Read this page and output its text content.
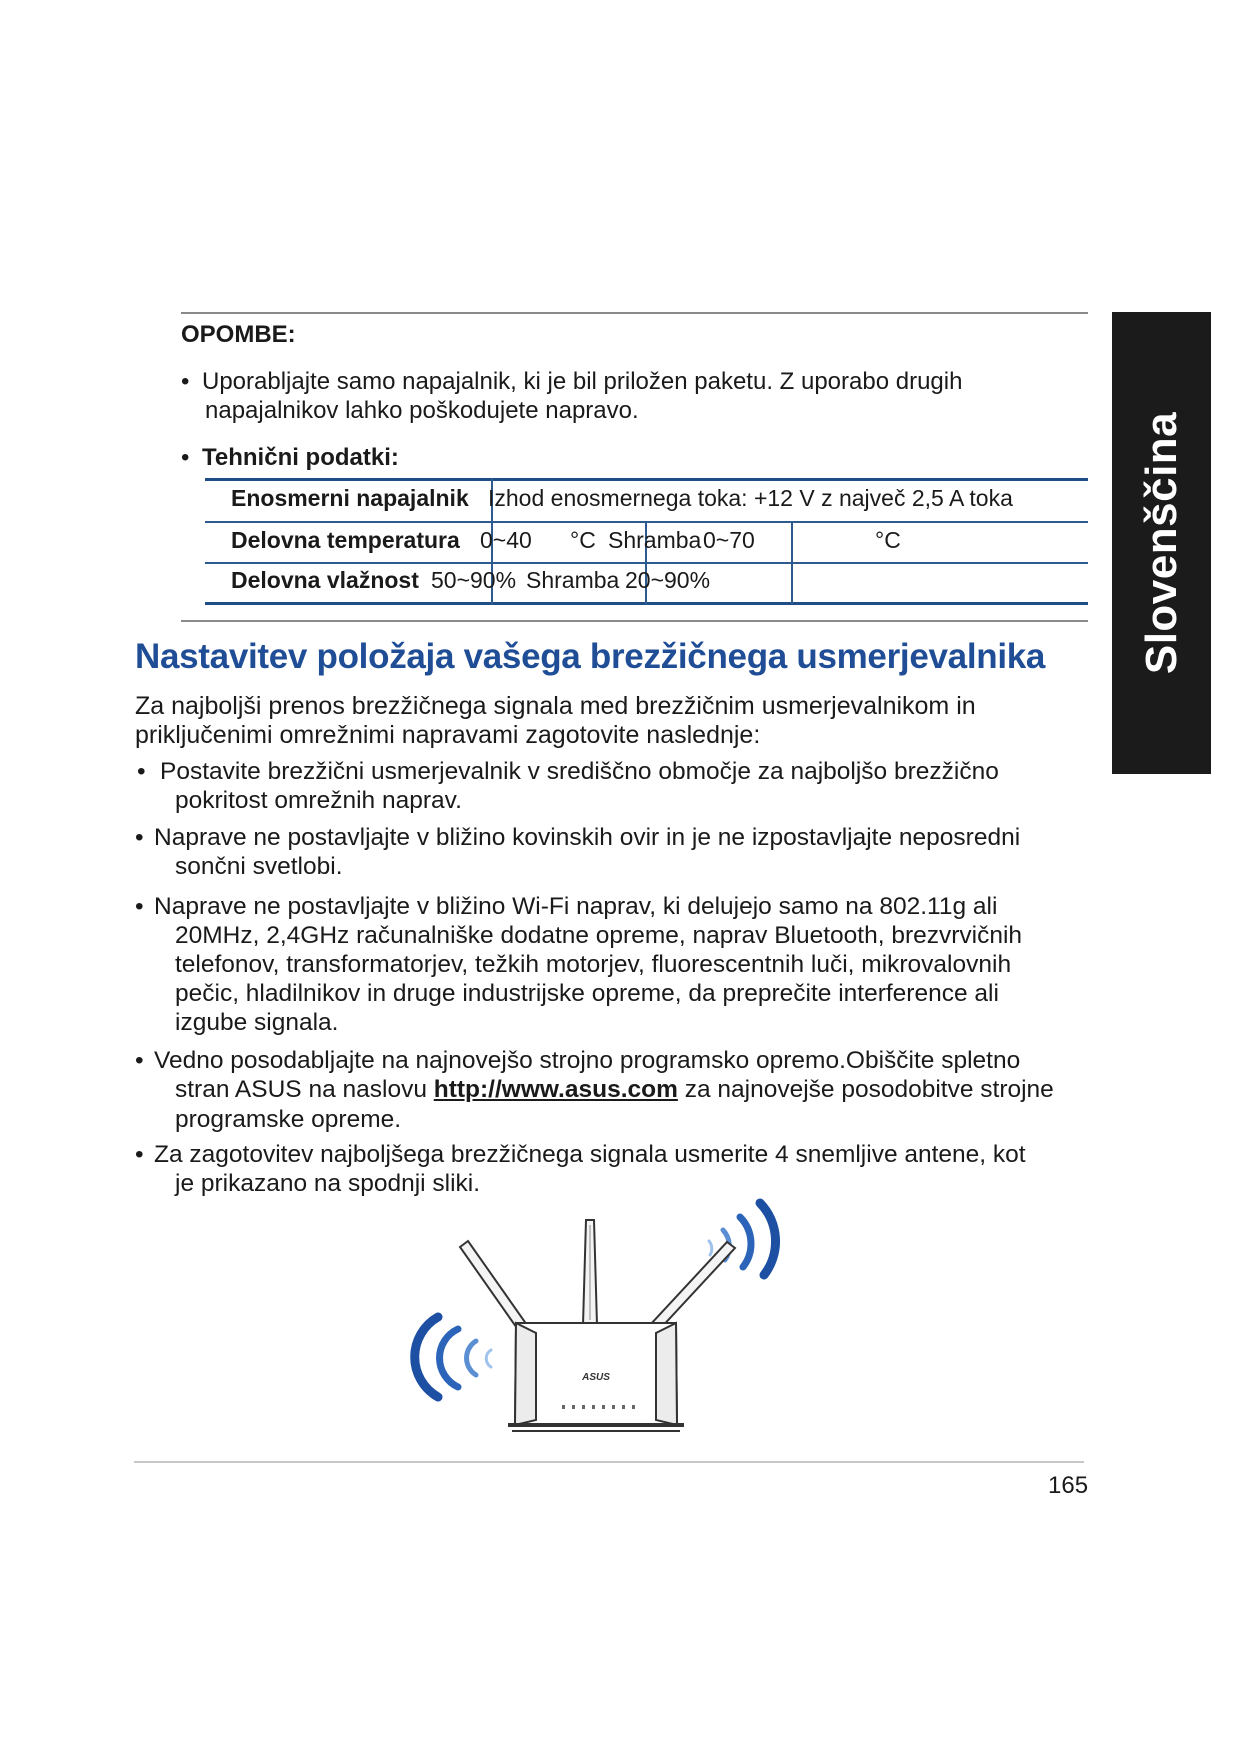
Slovenščina
OPOMBE:
• Uporabljajte samo napajalnik, ki je bil priložen paketu. Z uporabo drugih
napajalnikov lahko poškodujete napravo.
• Tehnični podatki:
Enosmerni napajalnik Izhod enosmernega toka: +12 V z največ 2,5 A toka
Delovna temperatura 0~40 °C Shramba 0~70	°C
Delovna vlažnost 50~90% Shramba 20~90%
Nastavitev položaja vašega brezžičnega usmerjevalnika
Za najboljši prenos brezžičnega signala med brezžičnim usmerjevalnikom in
priključenimi omrežnimi napravami zagotovite naslednje:
• Postavite brezžični usmerjevalnik v središčno območje za najboljšo brezžično
pokritost omrežnih naprav.
• Naprave ne postavljajte v bližino kovinskih ovir in je ne izpostavljajte neposredni
sončni svetlobi.
• Naprave ne postavljajte v bližino Wi-Fi naprav, ki delujejo samo na 802.11g ali
20MHz, 2,4GHz računalniške dodatne opreme, naprav Bluetooth, brezvrvičnih
telefonov, transformatorjev, težkih motorjev, fluorescentnih luči, mikrovalovnih
pečic, hladilnikov in druge industrijske opreme, da preprečite interference ali
izgube signala.
• Vedno posodabljajte na najnovejšo strojno programsko opremo.Obiščite spletno
stran ASUS na naslovu http://www.asus.com za najnovejše posodobitve strojne
programske opreme.
• Za zagotovitev najboljšega brezžičnega signala usmerite 4 snemljive antene, kot
je prikazano na spodnji sliki.
ASUS
165
